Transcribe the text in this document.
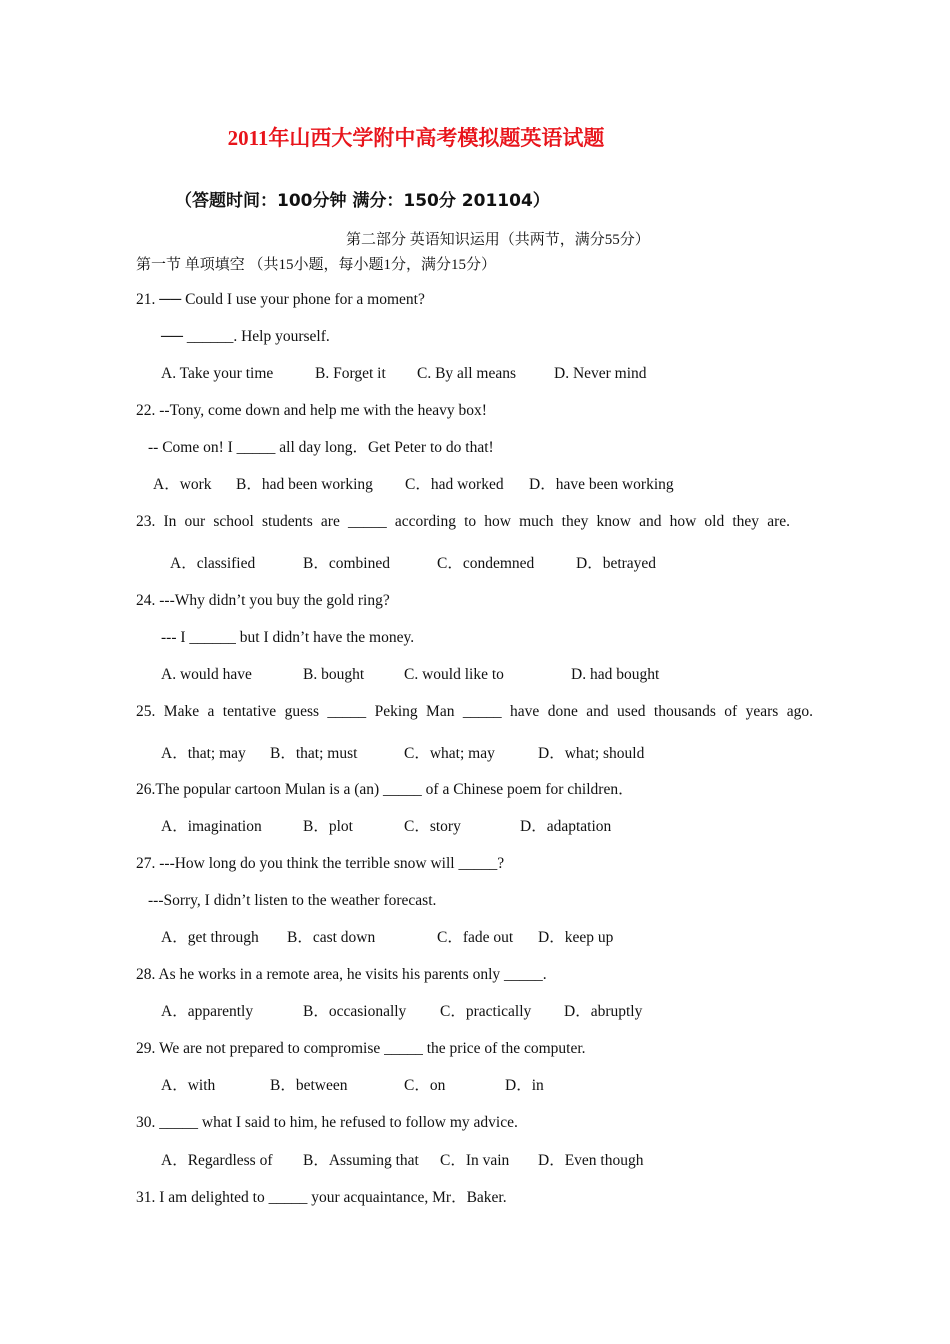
2011年山西大学附中高考模拟题英语试题
（答题时间：100分钟 满分：150分 201104）
第二部分 英语知识运用（共两节，满分55分）
第一节 单项填空 （共15小题，每小题1分，满分15分）
21. ── Could I use your phone for a moment?
── ______. Help yourself.
A. Take your time	B. Forget it C. By all means D. Never mind
22. --Tony, come down and help me with the heavy box!
-- Come on! I _____ all day long．Get Peter to do that!
A．work B．had been working C．had worked D．have been working
23. In our school students are _____ according to how much they know and how old they are.
A．classified	B．combined	C．condemned	D．betrayed
24. ---Why didn’t you buy the gold ring?
--- I ______ but I didn’t have the money.
A. would have	B. bought	C. would like to	D. had bought
25. Make a tentative guess _____ Peking Man _____ have done and used thousands of years ago.
A．that; may B．that; must	C．what; may	D．what; should
26.The popular cartoon Mulan is a (an) _____ of a Chinese poem for children．
A．imagination	B．plot	C．story	D．adaptation
27. ---How long do you think the terrible snow will _____?
---Sorry, I didn’t listen to the weather forecast.
A．get through B．cast down	C．fade out D．keep up
28. As he works in a remote area, he visits his parents only _____.
A．apparently	B．occasionally C．practically D．abruptly
29. We are not prepared to compromise _____ the price of the computer.
A．with	B．between	C．on	D．in
30. _____ what I said to him, he refused to follow my advice.
A．Regardless of B．Assuming that C．In vain D．Even though
31. I am delighted to _____ your acquaintance, Mr．Baker.
